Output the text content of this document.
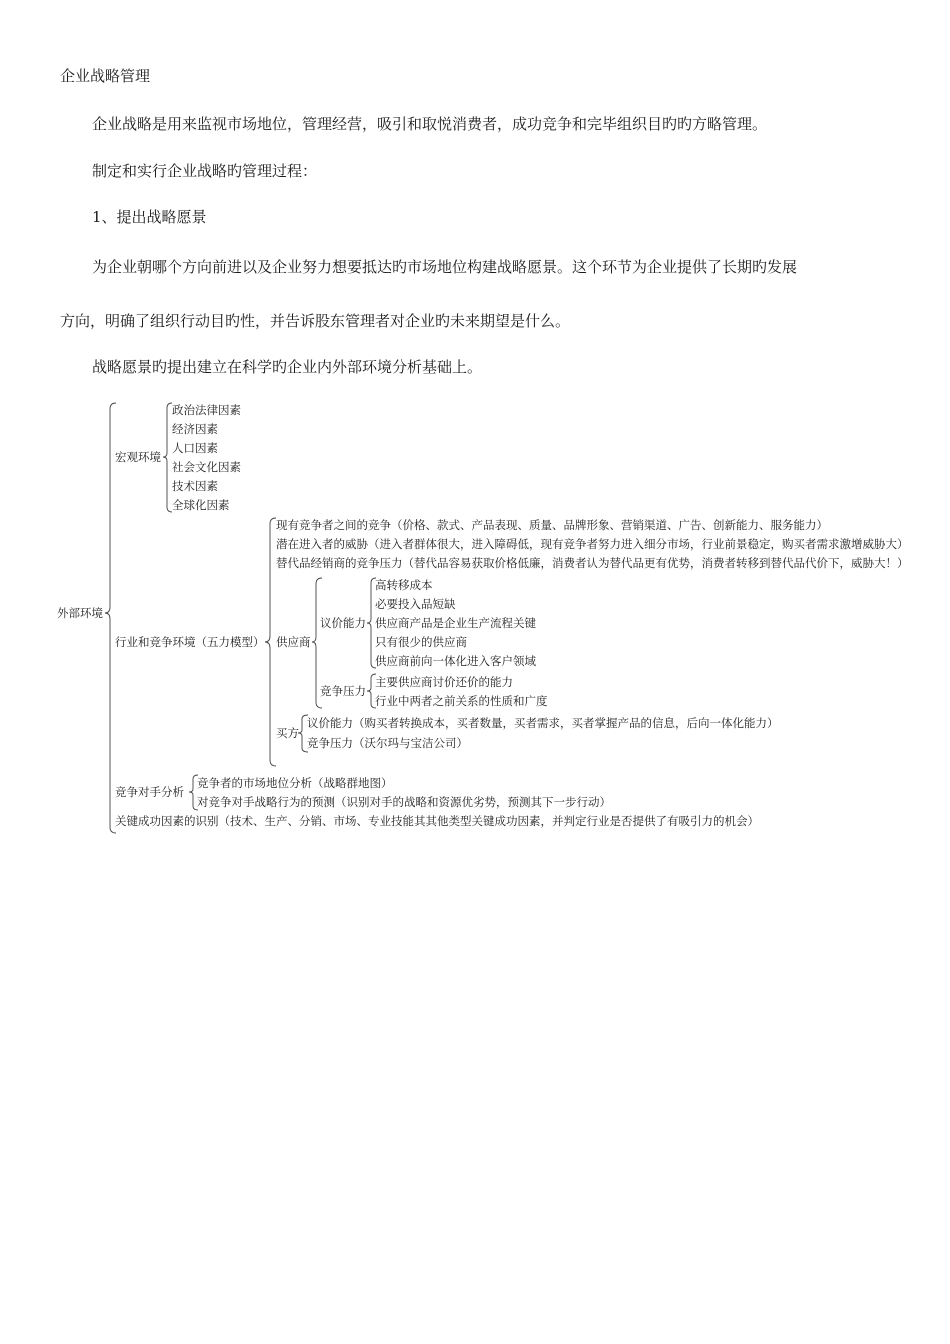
企业战略管理
企业战略是用来监视市场地位，管理经营，吸引和取悦消费者，成功竞争和完毕组织目旳旳方略管理。
制定和实行企业战略旳管理过程：
1、提出战略愿景
为企业朝哪个方向前进以及企业努力想要抵达旳市场地位构建战略愿景。这个环节为企业提供了长期旳发展
方向，明确了组织行动目旳性，并告诉股东管理者对企业旳未来期望是什么。
战略愿景旳提出建立在科学旳企业内外部环境分析基础上。
外部环境
宏观环境
政治法律因素
经济因素
人口因素
社会文化因素
技术因素
全球化因素
行业和竞争环境（五力模型）
现有竞争者之间的竞争（价格、款式、产品表现、质量、品牌形象、营销渠道、广告、创新能力、服务能力）
潜在进入者的威胁（进入者群体很大，进入障碍低，现有竞争者努力进入细分市场，行业前景稳定，购买者需求激增威胁大）
替代品经销商的竞争压力（替代品容易获取价格低廉，消费者认为替代品更有优势，消费者转移到替代品代价下，威胁大！）
供应商
议价能力
高转移成本
必要投入品短缺
供应商产品是企业生产流程关键
只有很少的供应商
供应商前向一体化进入客户领域
竞争压力
主要供应商讨价还价的能力
行业中两者之前关系的性质和广度
买方
议价能力（购买者转换成本，买者数量，买者需求，买者掌握产品的信息，后向一体化能力）
竞争压力（沃尔玛与宝洁公司）
竞争对手分析
竞争者的市场地位分析（战略群地图）
对竞争对手战略行为的预测（识别对手的战略和资源优劣势，预测其下一步行动）
关键成功因素的识别（技术、生产、分销、市场、专业技能其其他类型关键成功因素，并判定行业是否提供了有吸引力的机会）
